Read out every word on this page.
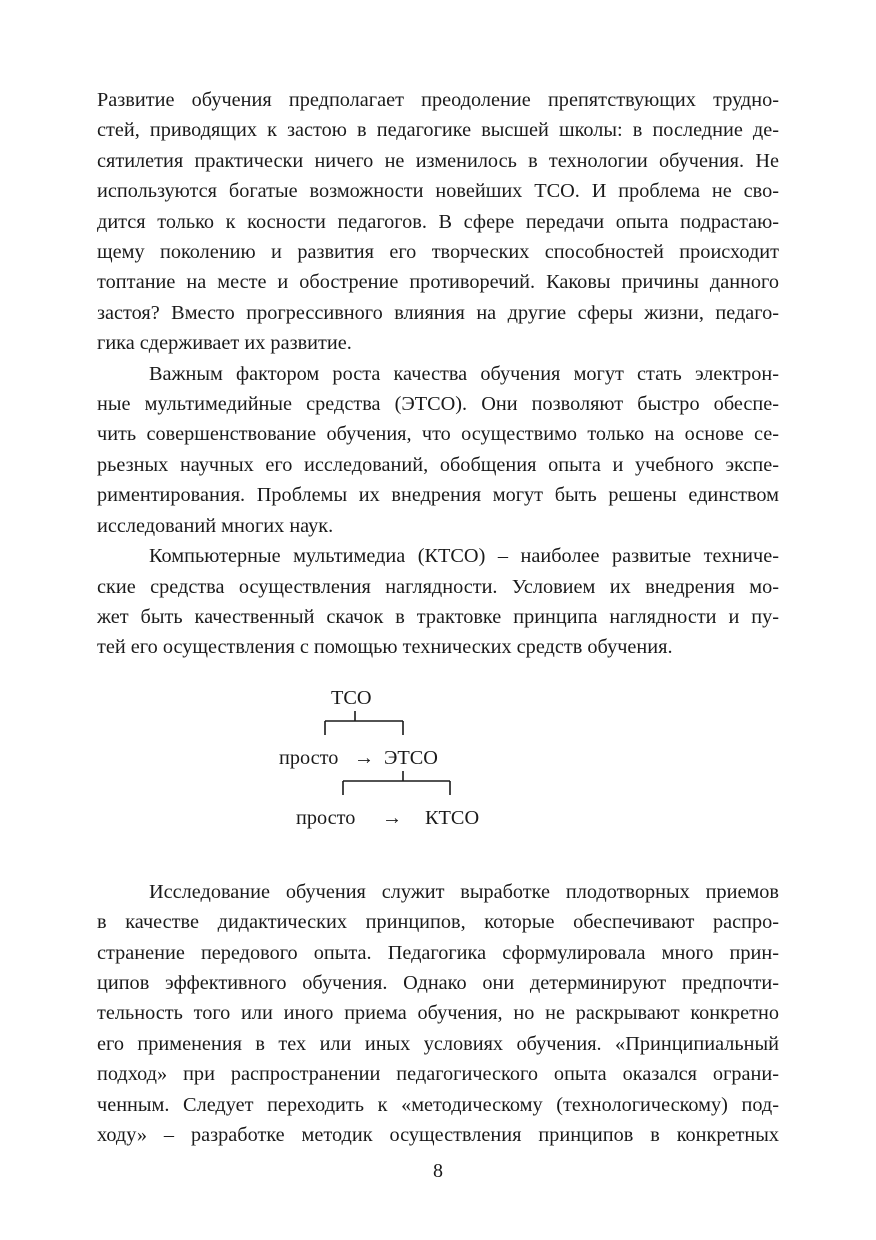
Развитие обучения предполагает преодоление препятствующих трудно-
стей, приводящих к застою в педагогике высшей школы: в последние де-
сятилетия практически ничего не изменилось в технологии обучения. Не
используются богатые возможности новейших ТСО. И проблема не сво-
дится только к косности педагогов. В сфере передачи опыта подрастаю-
щему поколению и развития его творческих способностей происходит
топтание на месте и обострение противоречий. Каковы причины данного
застоя? Вместо прогрессивного влияния на другие сферы жизни, педаго-
гика сдерживает их развитие.

Важным фактором роста качества обучения могут стать электрон-
ные мультимедийные средства (ЭТСО). Они позволяют быстро обеспе-
чить совершенствование обучения, что осуществимо только на основе се-
рьезных научных его исследований, обобщения опыта и учебного экспе-
риментирования. Проблемы их внедрения могут быть решены единством
исследований многих наук.

Компьютерные мультимедиа (КТСО) – наиболее развитые техниче-
ские средства осуществления наглядности. Условием их внедрения мо-
жет быть качественный скачок в трактовке принципа наглядности и пу-
тей его осуществления с помощью технических средств обучения.

ТСО
просто → ЭТСО
просто → КТСО

Исследование обучения служит выработке плодотворных приемов
в качестве дидактических принципов, которые обеспечивают распро-
странение передового опыта. Педагогика сформулировала много прин-
ципов эффективного обучения. Однако они детерминируют предпочти-
тельность того или иного приема обучения, но не раскрывают конкретно
его применения в тех или иных условиях обучения. «Принципиальный
подход» при распространении педагогического опыта оказался ограни-
ченным. Следует переходить к «методическому (технологическому) под-
ходу» – разработке методик осуществления принципов в конкретных

8
